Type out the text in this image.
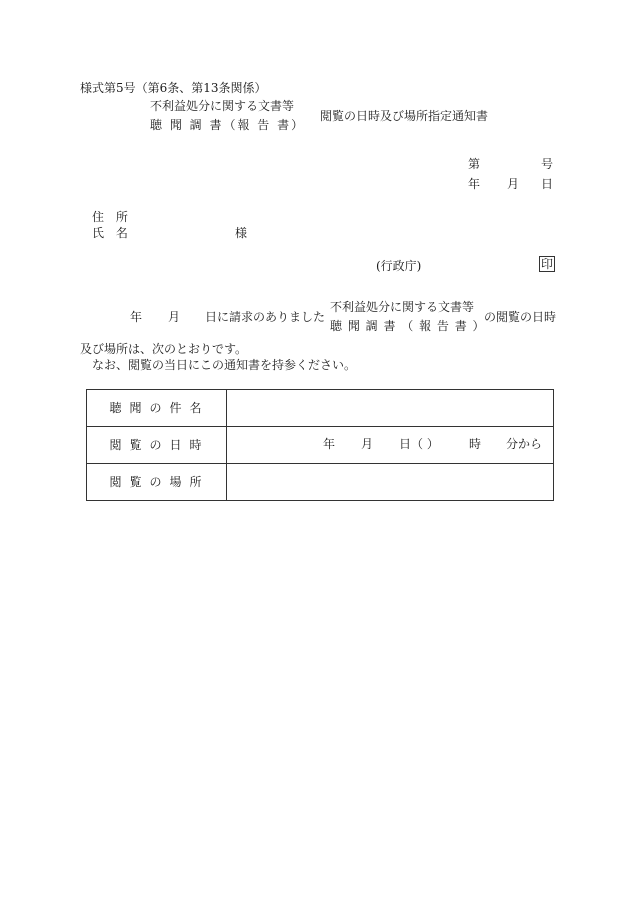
様式第5号（第6条、第13条関係）
不利益処分に関する文書等
聴 聞 調 書（報 告 書）
閲覧の日時及び場所指定通知書
第	号
年 月 日
住 所
氏 名	様
(行政庁)	印
年 月 日に請求のありました
不利益処分に関する文書等
聴 聞 調 書 （ 報 告 書 ）
の閲覧の日時
及び場所は、次のとおりです。
なお、閲覧の当日にこの通知書を持参ください。
聴聞の件名	
閲覧の日時	年 月 日（ ） 時 分から

閲覧の場所	
